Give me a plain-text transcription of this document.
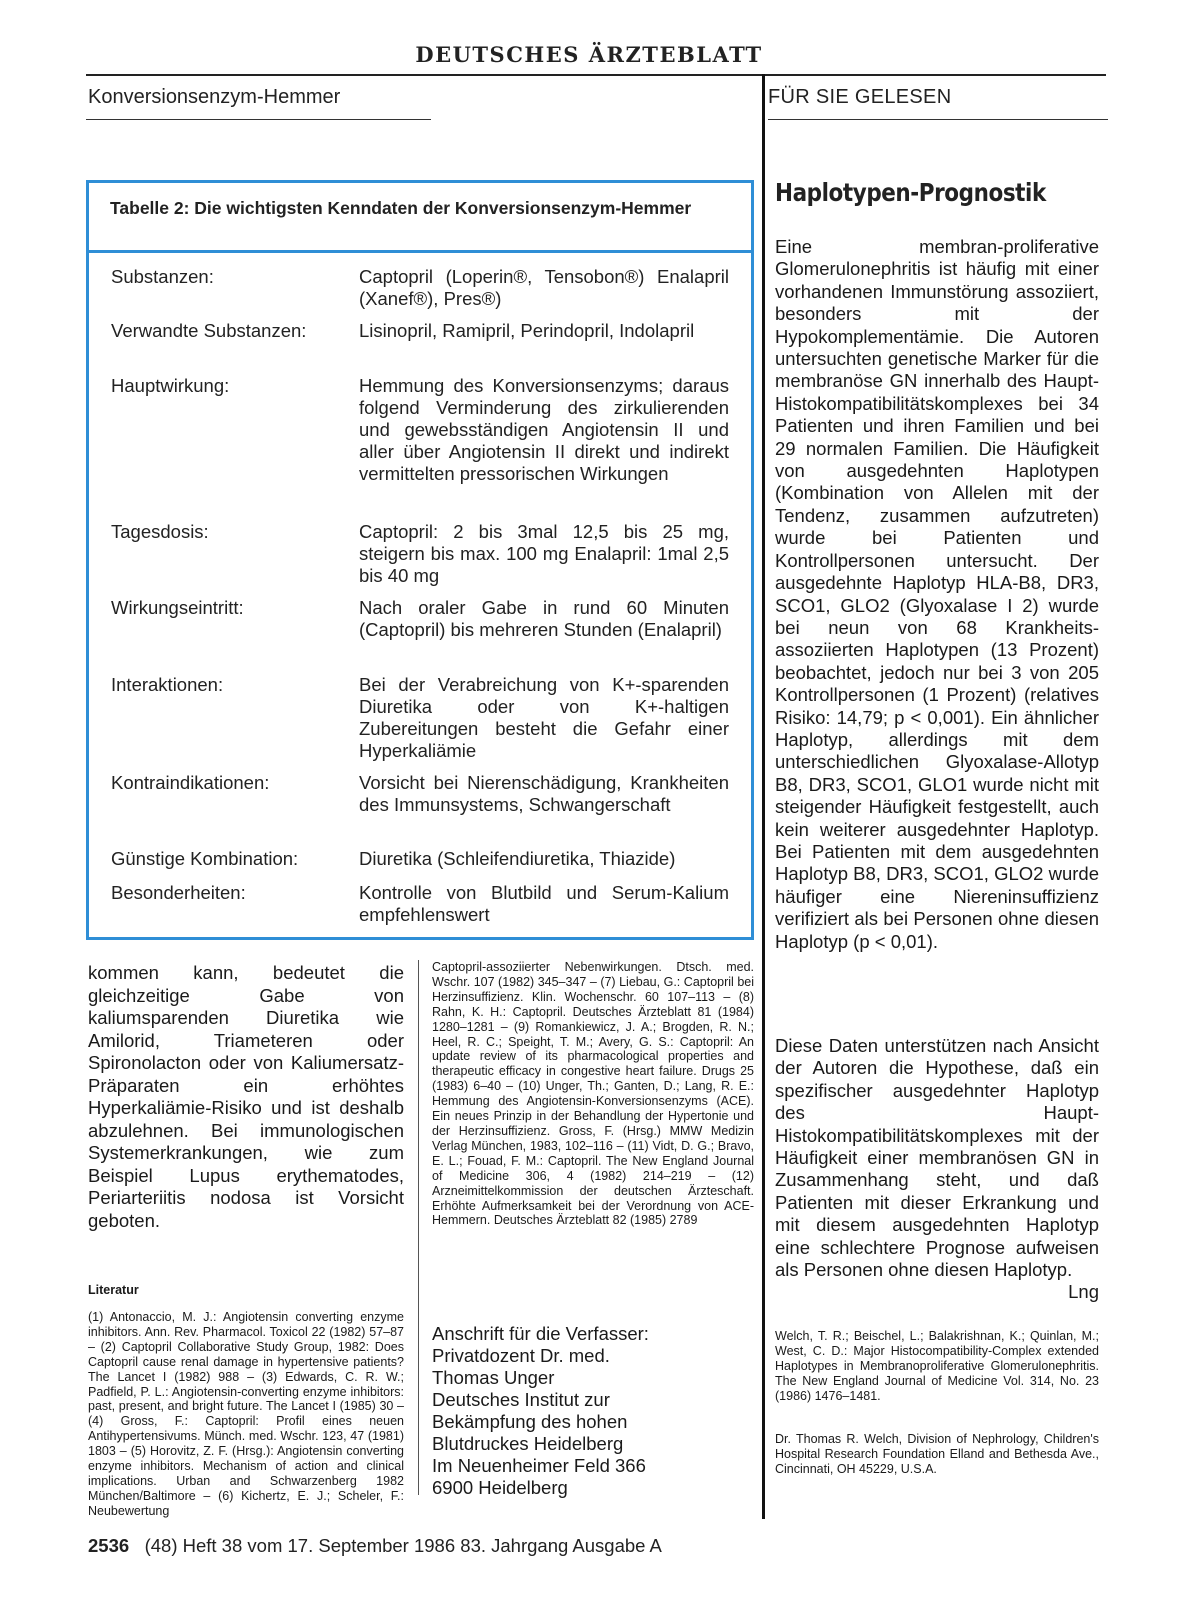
DEUTSCHES ÄRZTEBLATT
Konversionsenzym-Hemmer	FÜR SIE GELESEN
Tabelle 2: Die wichtigsten Kenndaten der Konversionsenzym-Hemmer
Substanzen:	Captopril (Loperin®, Tensobon®) Enalapril (Xanef®), Pres®)
Verwandte Substanzen:	Lisinopril, Ramipril, Perindopril, Indolapril
Hauptwirkung:	Hemmung des Konversionsenzyms; daraus folgend Verminderung des zirkulierenden und gewebsständigen Angiotensin II und aller über Angiotensin II direkt und indirekt vermittelten pressorischen Wirkungen
Tagesdosis:	Captopril: 2 bis 3mal 12,5 bis 25 mg, steigern bis max. 100 mg Enalapril: 1mal 2,5 bis 40 mg
Wirkungseintritt:	Nach oraler Gabe in rund 60 Minuten (Captopril) bis mehreren Stunden (Enalapril)
Interaktionen:	Bei der Verabreichung von K+-sparenden Diuretika oder von K+-haltigen Zubereitungen besteht die Gefahr einer Hyperkaliämie
Kontraindikationen:	Vorsicht bei Nierenschädigung, Krankheiten des Immunsystems, Schwangerschaft
Günstige Kombination:	Diuretika (Schleifendiuretika, Thiazide)
Besonderheiten:	Kontrolle von Blutbild und Serum-Kalium empfehlenswert
kommen kann, bedeutet die gleichzeitige Gabe von kaliumsparenden Diuretika wie Amilorid, Triameteren oder Spironolacton oder von Kaliumersatz-Präparaten ein erhöhtes Hyperkaliämie-Risiko und ist deshalb abzulehnen. Bei immunologischen Systemerkrankungen, wie zum Beispiel Lupus erythematodes, Periarteriitis nodosa ist Vorsicht geboten.
Literatur
(1) Antonaccio, M. J.: Angiotensin converting enzyme inhibitors. Ann. Rev. Pharmacol. Toxicol 22 (1982) 57–87 – (2) Captopril Collaborative Study Group, 1982: Does Captopril cause renal damage in hypertensive patients? The Lancet I (1982) 988 – (3) Edwards, C. R. W.; Padfield, P. L.: Angiotensin-converting enzyme inhibitors: past, present, and bright future. The Lancet I (1985) 30 – (4) Gross, F.: Captopril: Profil eines neuen Antihypertensivums. Münch. med. Wschr. 123, 47 (1981) 1803 – (5) Horovitz, Z. F. (Hrsg.): Angiotensin converting enzyme inhibitors. Mechanism of action and clinical implications. Urban and Schwarzenberg 1982 München/Baltimore – (6) Kichertz, E. J.; Scheler, F.: Neubewertung
Captopril-assoziierter Nebenwirkungen. Dtsch. med. Wschr. 107 (1982) 345–347 – (7) Liebau, G.: Captopril bei Herzinsuffizienz. Klin. Wochenschr. 60 107–113 – (8) Rahn, K. H.: Captopril. Deutsches Ärzteblatt 81 (1984) 1280–1281 – (9) Romankiewicz, J. A.; Brogden, R. N.; Heel, R. C.; Speight, T. M.; Avery, G. S.: Captopril: An update review of its pharmacological properties and therapeutic efficacy in congestive heart failure. Drugs 25 (1983) 6–40 – (10) Unger, Th.; Ganten, D.; Lang, R. E.: Hemmung des Angiotensin-Konversionsenzyms (ACE). Ein neues Prinzip in der Behandlung der Hypertonie und der Herzinsuffizienz. Gross, F. (Hrsg.) MMW Medizin Verlag München, 1983, 102–116 – (11) Vidt, D. G.; Bravo, E. L.; Fouad, F. M.: Captopril. The New England Journal of Medicine 306, 4 (1982) 214–219 – (12) Arzneimittelkommission der deutschen Ärzteschaft. Erhöhte Aufmerksamkeit bei der Verordnung von ACE-Hemmern. Deutsches Ärzteblatt 82 (1985) 2789
Anschrift für die Verfasser:
Privatdozent Dr. med.
Thomas Unger
Deutsches Institut zur
Bekämpfung des hohen
Blutdruckes Heidelberg
Im Neuenheimer Feld 366
6900 Heidelberg
Haplotypen-Prognostik
Eine membran-proliferative Glomerulonephritis ist häufig mit einer vorhandenen Immunstörung assoziiert, besonders mit der Hypokomplementämie. Die Autoren untersuchten genetische Marker für die membranöse GN innerhalb des Haupt-Histokompatibilitätskomplexes bei 34 Patienten und ihren Familien und bei 29 normalen Familien. Die Häufigkeit von ausgedehnten Haplotypen (Kombination von Allelen mit der Tendenz, zusammen aufzutreten) wurde bei Patienten und Kontrollpersonen untersucht. Der ausgedehnte Haplotyp HLA-B8, DR3, SCO1, GLO2 (Glyoxalase I 2) wurde bei neun von 68 Krankheits-assoziierten Haplotypen (13 Prozent) beobachtet, jedoch nur bei 3 von 205 Kontrollpersonen (1 Prozent) (relatives Risiko: 14,79; p < 0,001). Ein ähnlicher Haplotyp, allerdings mit dem unterschiedlichen Glyoxalase-Allotyp B8, DR3, SCO1, GLO1 wurde nicht mit steigender Häufigkeit festgestellt, auch kein weiterer ausgedehnter Haplotyp. Bei Patienten mit dem ausgedehnten Haplotyp B8, DR3, SCO1, GLO2 wurde häufiger eine Niereninsuffizienz verifiziert als bei Personen ohne diesen Haplotyp (p < 0,01).
Diese Daten unterstützen nach Ansicht der Autoren die Hypothese, daß ein spezifischer ausgedehnter Haplotyp des Haupt-Histokompatibilitätskomplexes mit der Häufigkeit einer membranösen GN in Zusammenhang steht, und daß Patienten mit dieser Erkrankung und mit diesem ausgedehnten Haplotyp eine schlechtere Prognose aufweisen als Personen ohne diesen Haplotyp.
Lng
Welch, T. R.; Beischel, L.; Balakrishnan, K.; Quinlan, M.; West, C. D.: Major Histocompatibility-Complex extended Haplotypes in Membranoproliferative Glomerulonephritis. The New England Journal of Medicine Vol. 314, No. 23 (1986) 1476–1481.
Dr. Thomas R. Welch, Division of Nephrology, Children's Hospital Research Foundation Elland and Bethesda Ave., Cincinnati, OH 45229, U.S.A.
2536 (48) Heft 38 vom 17. September 1986 83. Jahrgang Ausgabe A
